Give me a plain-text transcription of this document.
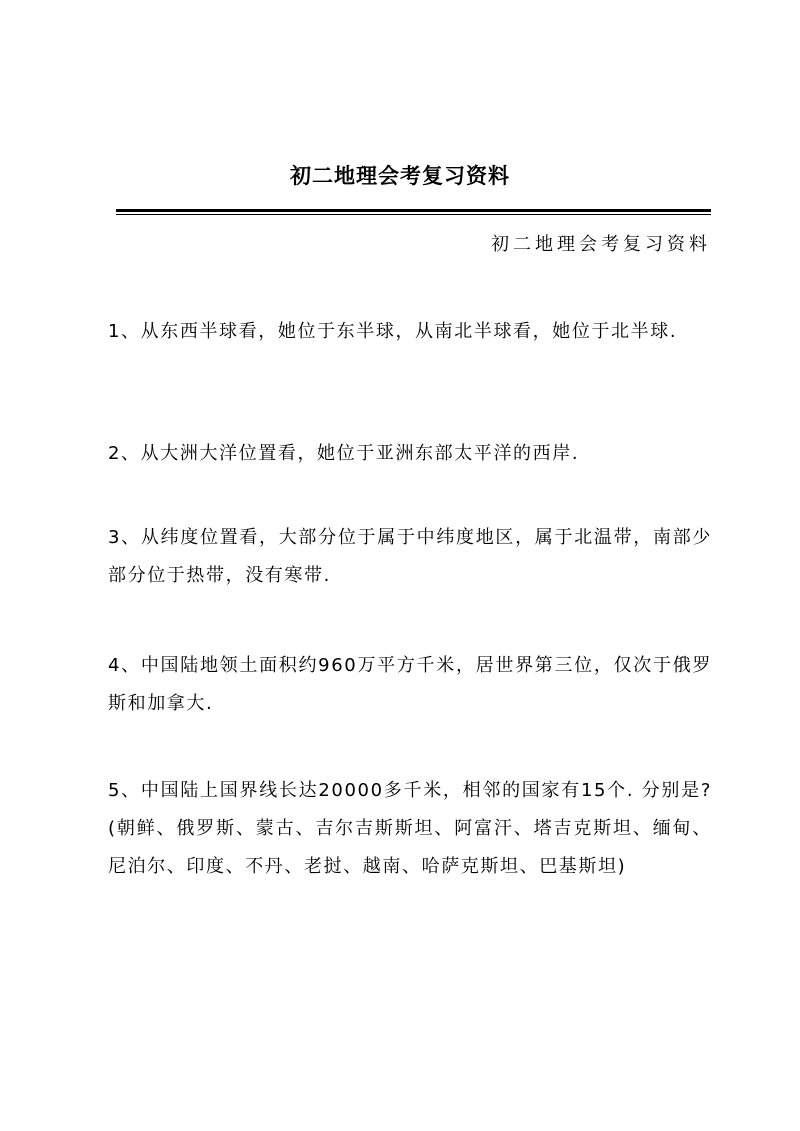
初二地理会考复习资料
初二地理会考复习资料

1、从东西半球看，她位于东半球，从南北半球看，她位于北半球.

2、从大洲大洋位置看，她位于亚洲东部太平洋的西岸.

3、从纬度位置看，大部分位于属于中纬度地区，属于北温带，南部少部分位于热带，没有寒带.

4、中国陆地领土面积约960万平方千米，居世界第三位，仅次于俄罗斯和加拿大.

5、中国陆上国界线长达20000多千米，相邻的国家有15个. 分别是?(朝鲜、俄罗斯、蒙古、吉尔吉斯斯坦、阿富汗、塔吉克斯坦、缅甸、尼泊尔、印度、不丹、老挝、越南、哈萨克斯坦、巴基斯坦)
